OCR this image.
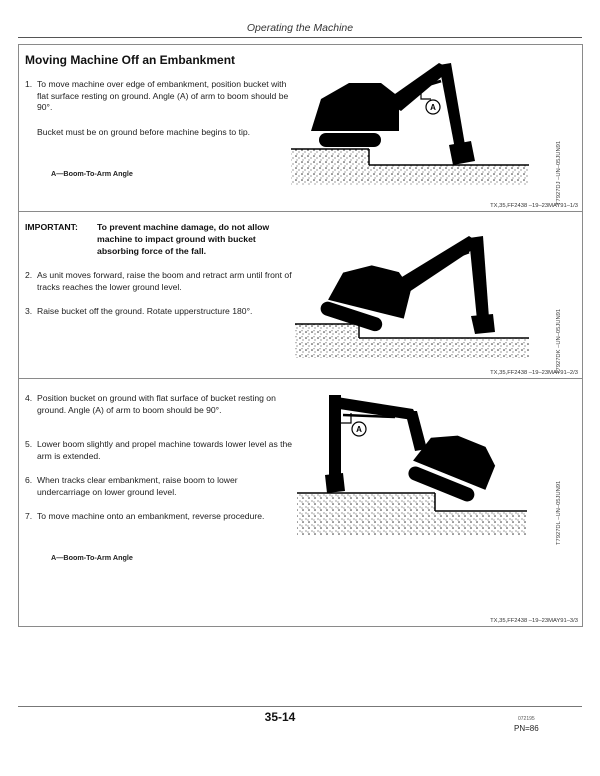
Operating the Machine
Moving Machine Off an Embankment
1. To move machine over edge of embankment, position bucket with flat surface resting on ground. Angle (A) of arm to boom should be 90°.
Bucket must be on ground before machine begins to tip.
A—Boom-To-Arm Angle
A
T7927DJ –UN–05JUN91
TX,35,FF2438 –19–23MAY91–1/3
IMPORTANT: To prevent machine damage, do not allow machine to impact ground with bucket absorbing force of the fall.
2. As unit moves forward, raise the boom and retract arm until front of tracks reaches the lower ground level.
3. Raise bucket off the ground. Rotate upperstructure 180°.	T7927DK –UN–05JUN91
TX,35,FF2438 –19–23MAY91–2/3
4. Position bucket on ground with flat surface of bucket resting on ground. Angle (A) of arm to boom should be 90°.
5. Lower boom slightly and propel machine towards lower level as the arm is extended.
6. When tracks clear embankment, raise boom to lower undercarriage on lower ground level.
7. To move machine onto an embankment, reverse procedure.
A—Boom-To-Arm Angle
A
T7927DL –UN–05JUN91
TX,35,FF2438 –19–23MAY91–3/3
35-14	072195
PN=86
